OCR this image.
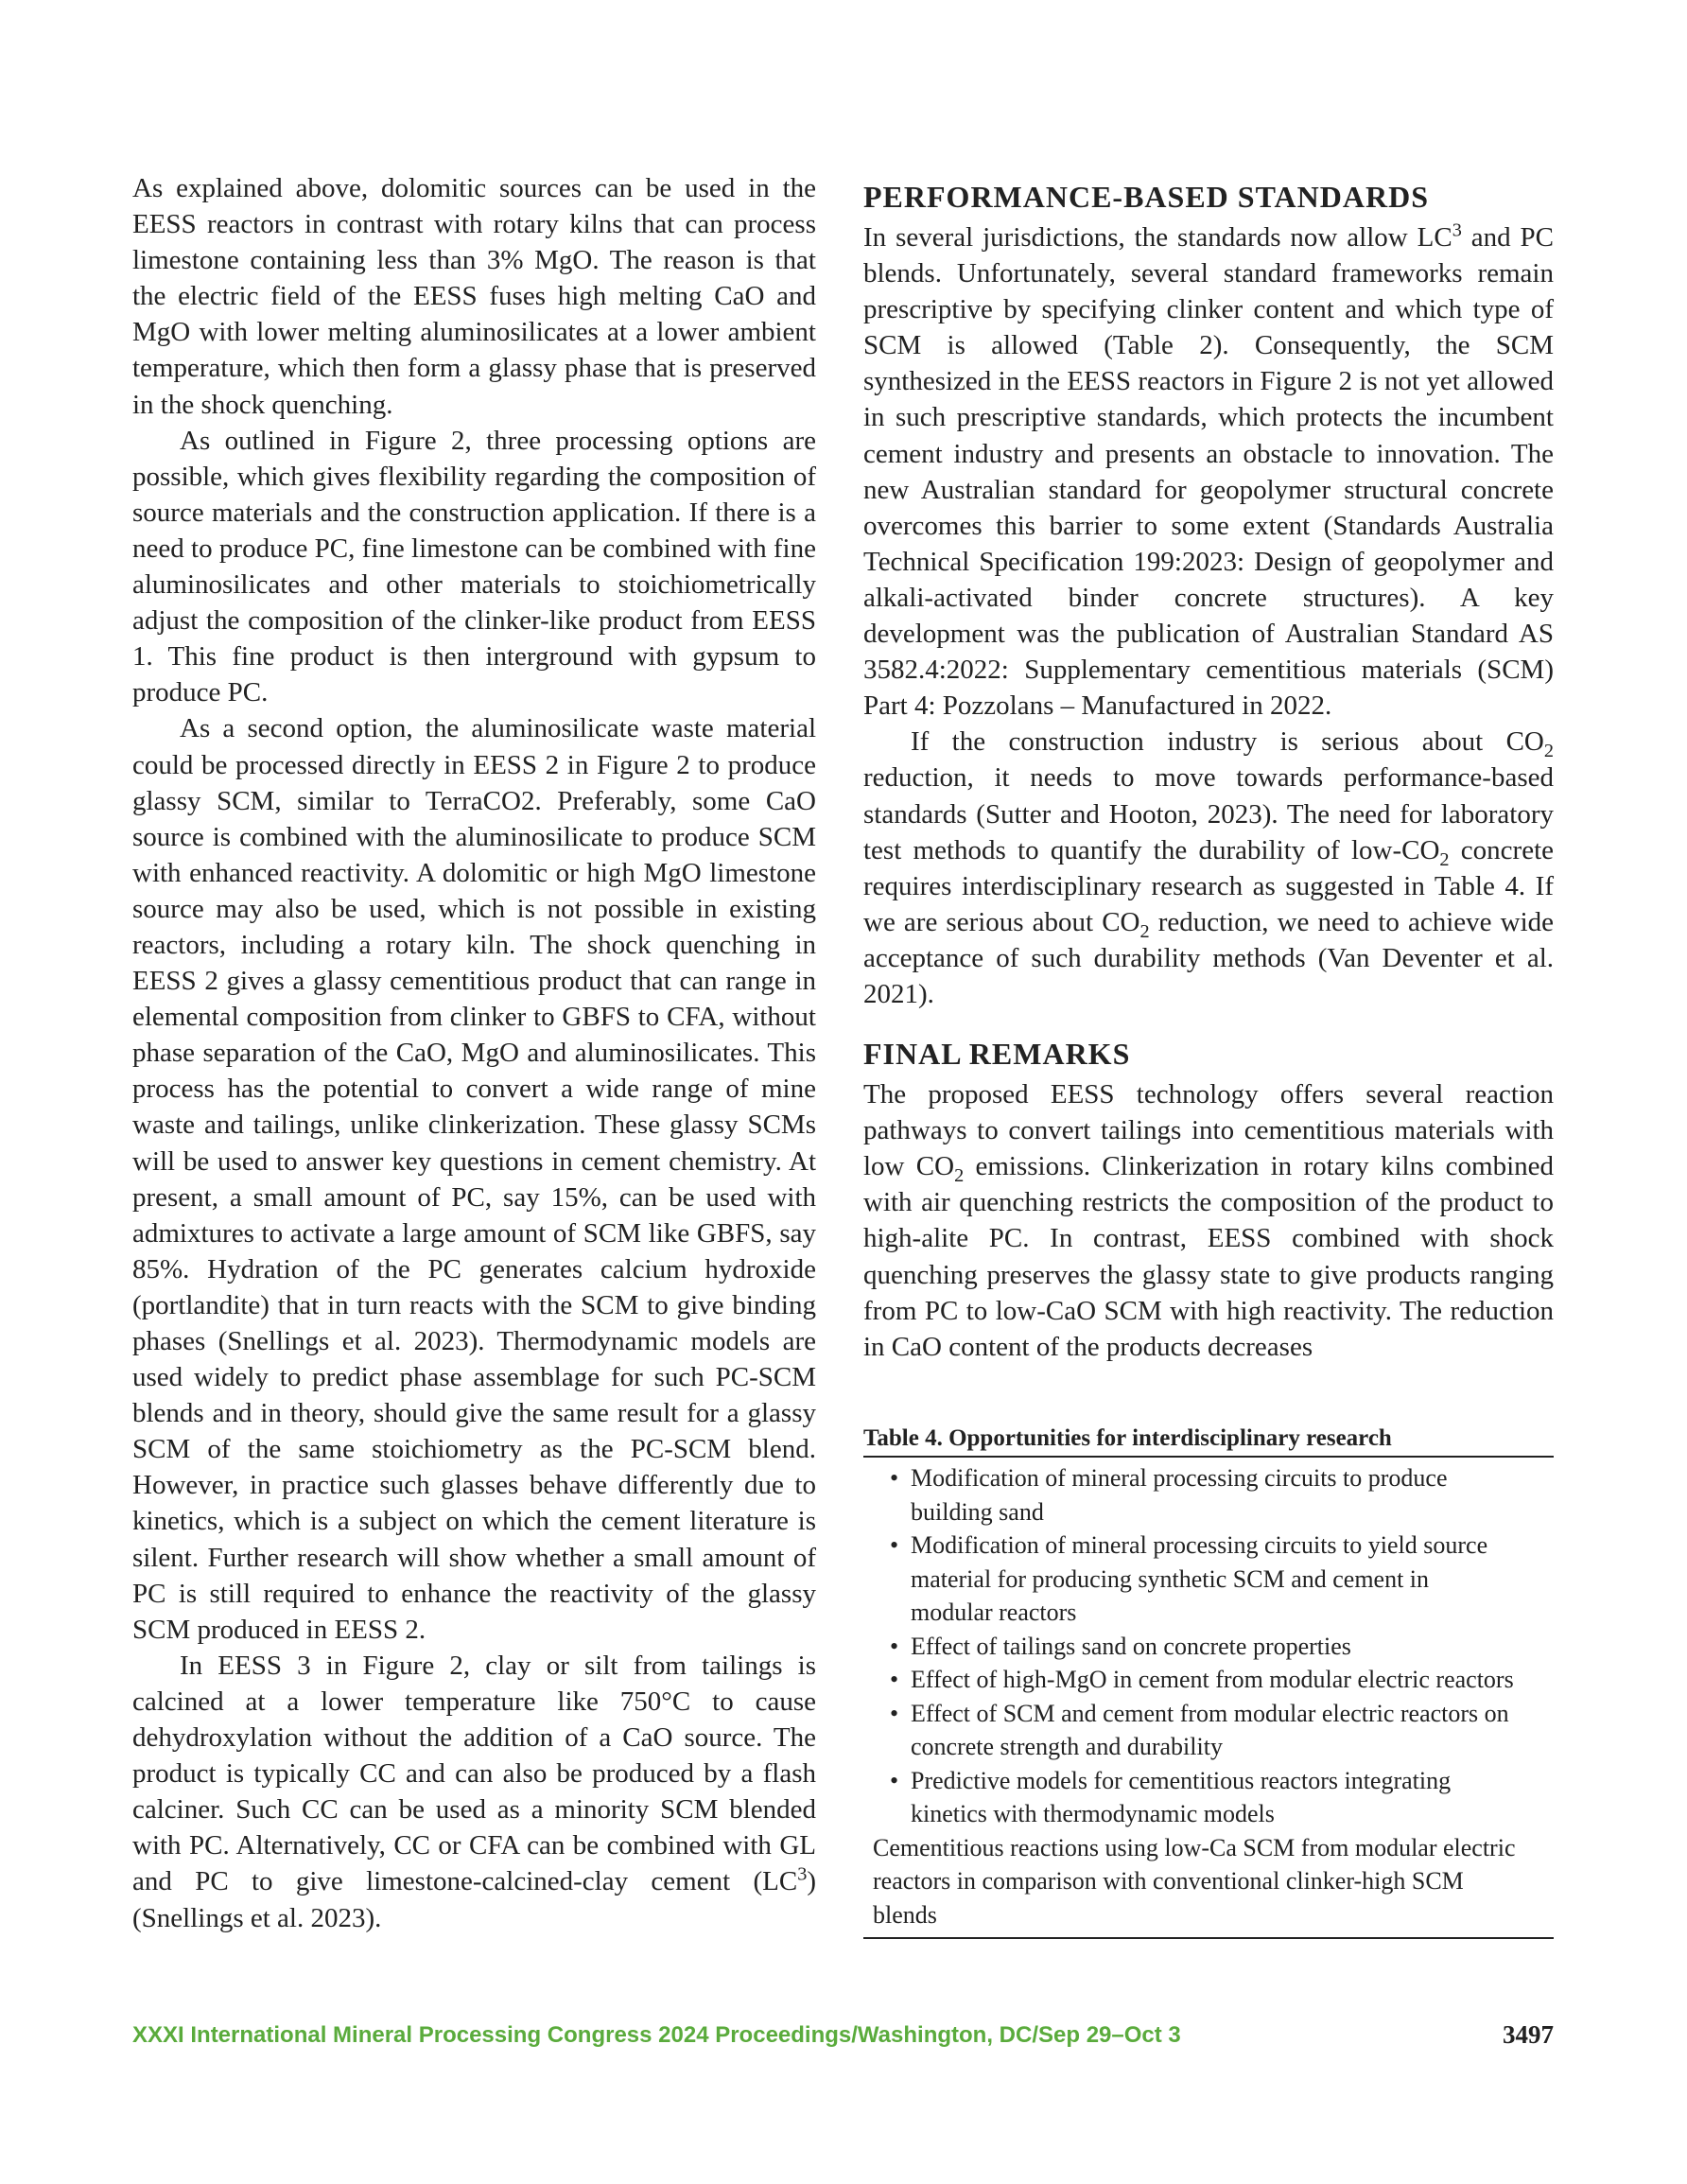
As explained above, dolomitic sources can be used in the EESS reactors in contrast with rotary kilns that can process limestone containing less than 3% MgO. The reason is that the electric field of the EESS fuses high melting CaO and MgO with lower melting aluminosilicates at a lower ambient temperature, which then form a glassy phase that is preserved in the shock quenching.

As outlined in Figure 2, three processing options are possible, which gives flexibility regarding the composition of source materials and the construction application. If there is a need to produce PC, fine limestone can be combined with fine aluminosilicates and other materials to stoichiometrically adjust the composition of the clinker-like product from EESS 1. This fine product is then interground with gypsum to produce PC.

As a second option, the aluminosilicate waste material could be processed directly in EESS 2 in Figure 2 to produce glassy SCM, similar to TerraCO2. Preferably, some CaO source is combined with the aluminosilicate to produce SCM with enhanced reactivity. A dolomitic or high MgO limestone source may also be used, which is not possible in existing reactors, including a rotary kiln. The shock quenching in EESS 2 gives a glassy cementitious product that can range in elemental composition from clinker to GBFS to CFA, without phase separation of the CaO, MgO and aluminosilicates. This process has the potential to convert a wide range of mine waste and tailings, unlike clinkerization. These glassy SCMs will be used to answer key questions in cement chemistry. At present, a small amount of PC, say 15%, can be used with admixtures to activate a large amount of SCM like GBFS, say 85%. Hydration of the PC generates calcium hydroxide (portlandite) that in turn reacts with the SCM to give binding phases (Snellings et al. 2023). Thermodynamic models are used widely to predict phase assemblage for such PC-SCM blends and in theory, should give the same result for a glassy SCM of the same stoichiometry as the PC-SCM blend. However, in practice such glasses behave differently due to kinetics, which is a subject on which the cement literature is silent. Further research will show whether a small amount of PC is still required to enhance the reactivity of the glassy SCM produced in EESS 2.

In EESS 3 in Figure 2, clay or silt from tailings is calcined at a lower temperature like 750°C to cause dehydroxylation without the addition of a CaO source. The product is typically CC and can also be produced by a flash calciner. Such CC can be used as a minority SCM blended with PC. Alternatively, CC or CFA can be combined with GL and PC to give limestone-calcined-clay cement $(LC^3)$ (Snellings et al. 2023).

PERFORMANCE-BASED STANDARDS

In several jurisdictions, the standards now allow $LC^3$ and PC blends. Unfortunately, several standard frameworks remain prescriptive by specifying clinker content and which type of SCM is allowed (Table 2). Consequently, the SCM synthesized in the EESS reactors in Figure 2 is not yet allowed in such prescriptive standards, which protects the incumbent cement industry and presents an obstacle to innovation. The new Australian standard for geopolymer structural concrete overcomes this barrier to some extent (Standards Australia Technical Specification 199:2023: Design of geopolymer and alkali-activated binder concrete structures). A key development was the publication of Australian Standard AS 3582.4:2022: Supplementary cementitious materials (SCM) Part 4: Pozzolans – Manufactured in 2022.

If the construction industry is serious about $CO_2$ reduction, it needs to move towards performance-based standards (Sutter and Hooton, 2023). The need for laboratory test methods to quantify the durability of low-$CO_2$ concrete requires interdisciplinary research as suggested in Table 4. If we are serious about $CO_2$ reduction, we need to achieve wide acceptance of such durability methods (Van Deventer et al. 2021).

FINAL REMARKS

The proposed EESS technology offers several reaction pathways to convert tailings into cementitious materials with low $CO_2$ emissions. Clinkerization in rotary kilns combined with air quenching restricts the composition of the product to high-alite PC. In contrast, EESS combined with shock quenching preserves the glassy state to give products ranging from PC to low-CaO SCM with high reactivity. The reduction in CaO content of the products decreases

Table 4. Opportunities for interdisciplinary research
• Modification of mineral processing circuits to produce building sand
• Modification of mineral processing circuits to yield source material for producing synthetic SCM and cement in modular reactors
• Effect of tailings sand on concrete properties
• Effect of high-MgO in cement from modular electric reactors
• Effect of SCM and cement from modular electric reactors on concrete strength and durability
• Predictive models for cementitious reactors integrating kinetics with thermodynamic models

Cementitious reactions using low-Ca SCM from modular electric reactors in comparison with conventional clinker-high SCM blends

XXXI International Mineral Processing Congress 2024 Proceedings/Washington, DC/Sep 29–Oct 3	3497
